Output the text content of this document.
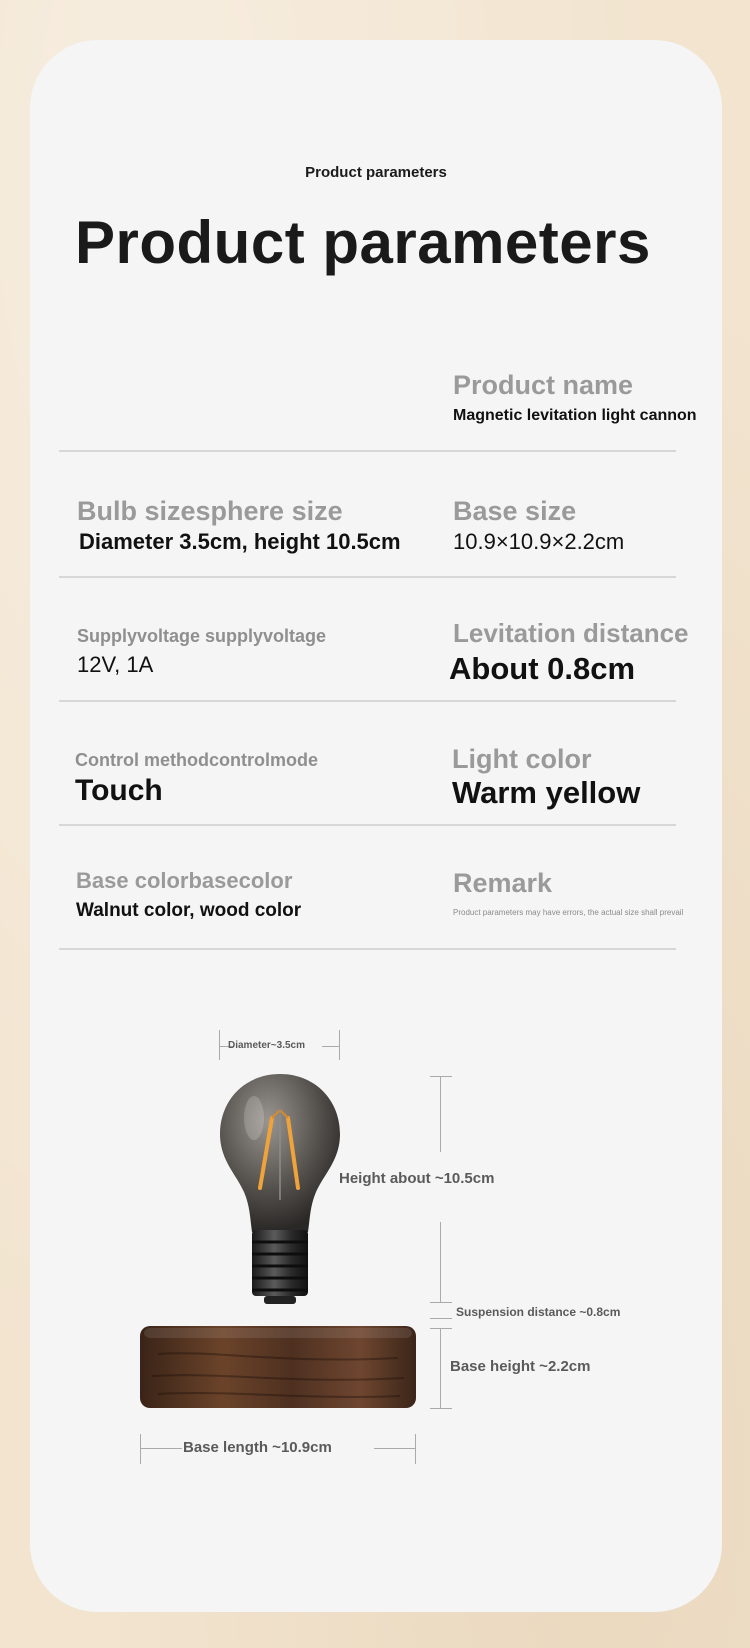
Product parameters
Product parameters
Product name
Magnetic levitation light cannon
Bulb sizesphere size
Diameter 3.5cm, height 10.5cm
Base size
10.9×10.9×2.2cm
Supplyvoltage supplyvoltage
12V, 1A
Levitation distance
About 0.8cm
Control methodcontrolmode
Touch
Light color
Warm yellow
Base colorbasecolor
Walnut color, wood color
Remark
Product parameters may have errors, the actual size shall prevail
Diameter~3.5cm
Height about ~10.5cm
Suspension distance ~0.8cm
Base height ~2.2cm
Base length ~10.9cm
